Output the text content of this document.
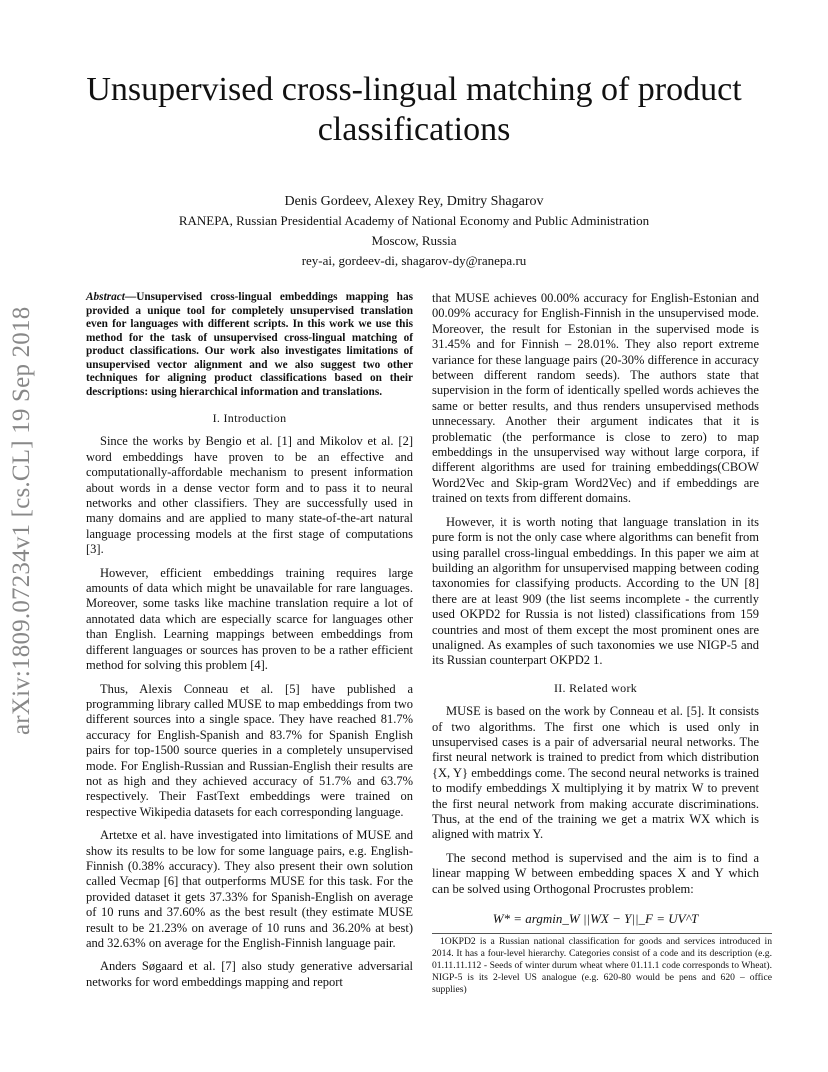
arXiv:1809.07234v1 [cs.CL] 19 Sep 2018
Unsupervised cross-lingual matching of product classifications
Denis Gordeev, Alexey Rey, Dmitry Shagarov
RANEPA, Russian Presidential Academy of National Economy and Public Administration
Moscow, Russia
rey-ai, gordeev-di, shagarov-dy@ranepa.ru
Abstract—Unsupervised cross-lingual embeddings mapping has provided a unique tool for completely unsupervised translation even for languages with different scripts. In this work we use this method for the task of unsupervised cross-lingual matching of product classifications. Our work also investigates limitations of unsupervised vector alignment and we also suggest two other techniques for aligning product classifications based on their descriptions: using hierarchical information and translations.
I. Introduction

Since the works by Bengio et al. [1] and Mikolov et al. [2] word embeddings have proven to be an effective and computationally-affordable mechanism to present information about words in a dense vector form and to pass it to neural networks and other classifiers. They are successfully used in many domains and are applied to many state-of-the-art natural language processing models at the first stage of computations [3].

However, efficient embeddings training requires large amounts of data which might be unavailable for rare languages. Moreover, some tasks like machine translation require a lot of annotated data which are especially scarce for languages other than English. Learning mappings between embeddings from different languages or sources has proven to be a rather efficient method for solving this problem [4].

Thus, Alexis Conneau et al. [5] have published a programming library called MUSE to map embeddings from two different sources into a single space. They have reached 81.7% accuracy for English-Spanish and 83.7% for Spanish English pairs for top-1500 source queries in a completely unsupervised mode. For English-Russian and Russian-English their results are not as high and they achieved accuracy of 51.7% and 63.7% respectively. Their FastText embeddings were trained on respective Wikipedia datasets for each corresponding language.

Artetxe et al. have investigated into limitations of MUSE and show its results to be low for some language pairs, e.g. English-Finnish (0.38% accuracy). They also present their own solution called Vecmap [6] that outperforms MUSE for this task. For the provided dataset it gets 37.33% for Spanish-English on average of 10 runs and 37.60% as the best result (they estimate MUSE result to be 21.23% on average of 10 runs and 36.20% at best) and 32.63% on average for the English-Finnish language pair.

Anders Søgaard et al. [7] also study generative adversarial networks for word embeddings mapping and report

that MUSE achieves 00.00% accuracy for English-Estonian and 00.09% accuracy for English-Finnish in the unsupervised mode. Moreover, the result for Estonian in the supervised mode is 31.45% and for Finnish – 28.01%. They also report extreme variance for these language pairs (20-30% difference in accuracy between different random seeds). The authors state that supervision in the form of identically spelled words achieves the same or better results, and thus renders unsupervised methods unnecessary. Another their argument indicates that it is problematic (the performance is close to zero) to map embeddings in the unsupervised way without large corpora, if different algorithms are used for training embeddings(CBOW Word2Vec and Skip-gram Word2Vec) and if embeddings are trained on texts from different domains.

However, it is worth noting that language translation in its pure form is not the only case where algorithms can benefit from using parallel cross-lingual embeddings. In this paper we aim at building an algorithm for unsupervised mapping between coding taxonomies for classifying products. According to the UN [8] there are at least 909 (the list seems incomplete - the currently used OKPD2 for Russia is not listed) classifications from 159 countries and most of them except the most prominent ones are unaligned. As examples of such taxonomies we use NIGP-5 and its Russian counterpart OKPD2 1.

II. Related work

MUSE is based on the work by Conneau et al. [5]. It consists of two algorithms. The first one which is used only in unsupervised cases is a pair of adversarial neural networks. The first neural network is trained to predict from which distribution {X, Y} embeddings come. The second neural networks is trained to modify embeddings X multiplying it by matrix W to prevent the first neural network from making accurate discriminations. Thus, at the end of the training we get a matrix WX which is aligned with matrix Y.

The second method is supervised and the aim is to find a linear mapping W between embedding spaces X and Y which can be solved using Orthogonal Procrustes problem:

W* = argmin_W ||WX − Y||_F = UV^T

1OKPD2 is a Russian national classification for goods and services introduced in 2014. It has a four-level hierarchy. Categories consist of a code and its description (e.g. 01.11.11.112 - Seeds of winter durum wheat where 01.11.1 code corresponds to Wheat). NIGP-5 is its 2-level US analogue (e.g. 620-80 would be pens and 620 – office supplies)
